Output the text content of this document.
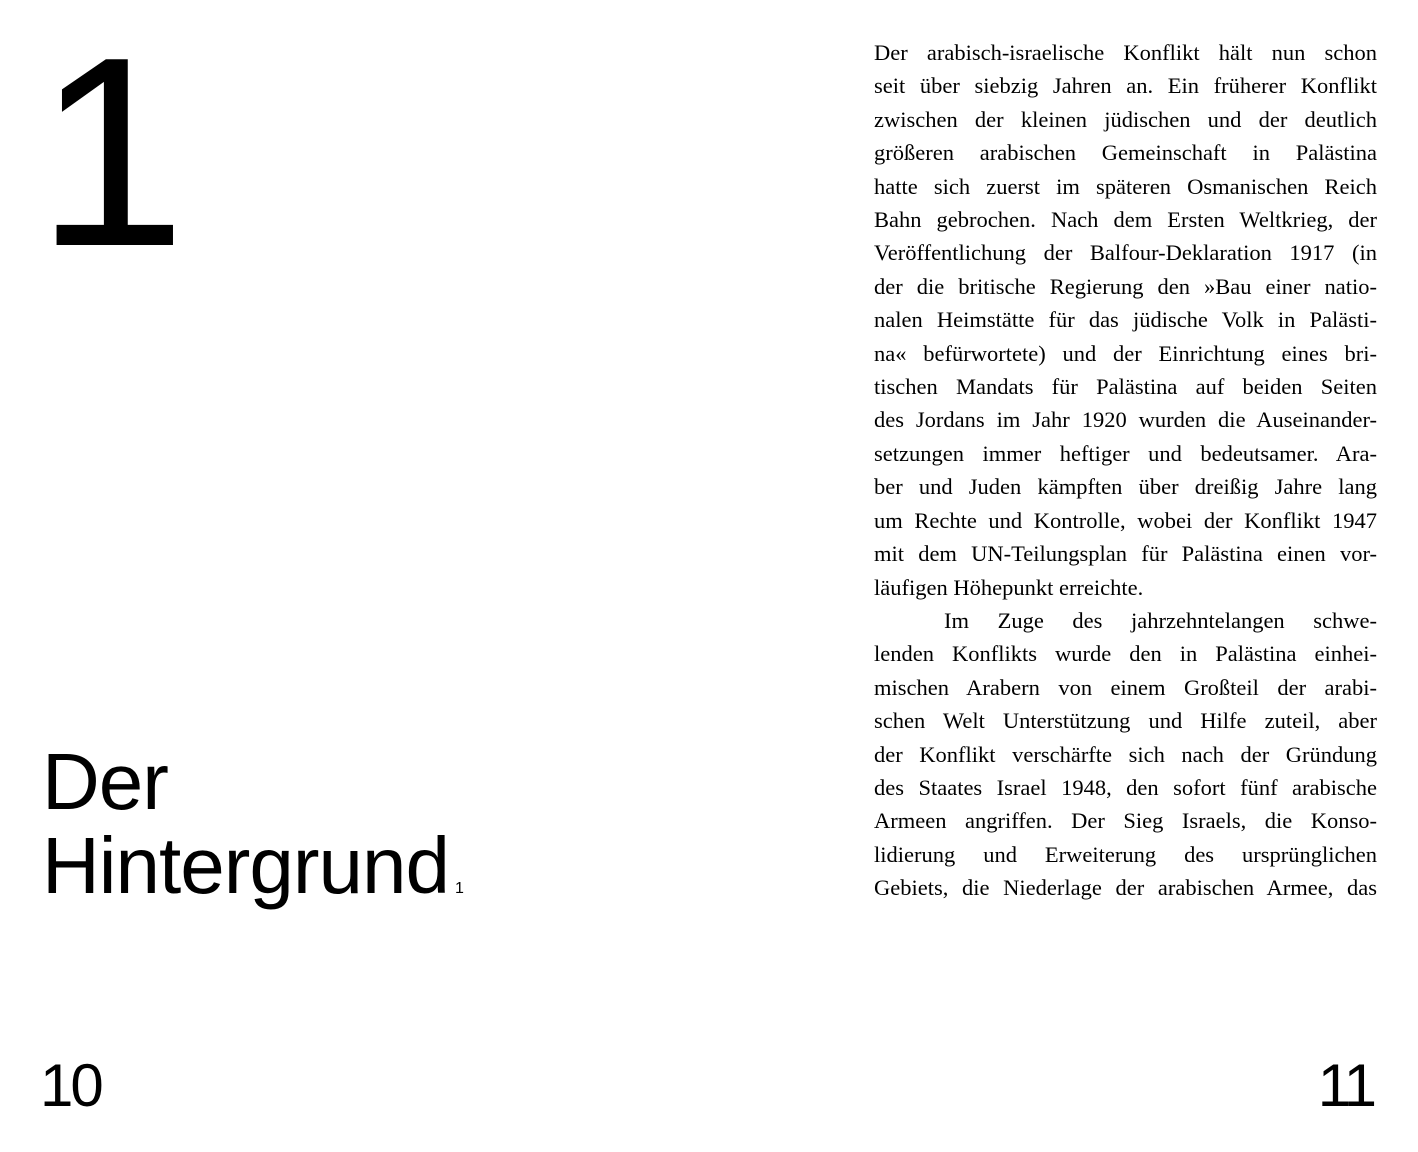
1
Der
Hintergrund 1
10
Der arabisch-israelische Konflikt hält nun schon
seit über siebzig Jahren an. Ein früherer Konflikt
zwischen der kleinen jüdischen und der deutlich
größeren arabischen Gemeinschaft in Palästina
hatte sich zuerst im späteren Osmanischen Reich
Bahn gebrochen. Nach dem Ersten Weltkrieg, der
Veröffentlichung der Balfour-Deklaration 1917 (in
der die britische Regierung den »Bau einer natio-
nalen Heimstätte für das jüdische Volk in Palästi-
na« befürwortete) und der Einrichtung eines bri-
tischen Mandats für Palästina auf beiden Seiten
des Jordans im Jahr 1920 wurden die Auseinander-
setzungen immer heftiger und bedeutsamer. Ara-
ber und Juden kämpften über dreißig Jahre lang
um Rechte und Kontrolle, wobei der Konflikt 1947
mit dem UN-Teilungsplan für Palästina einen vor-
läufigen Höhepunkt erreichte.
Im Zuge des jahrzehntelangen schwe-
lenden Konflikts wurde den in Palästina einhei-
mischen Arabern von einem Großteil der arabi-
schen Welt Unterstützung und Hilfe zuteil, aber
der Konflikt verschärfte sich nach der Gründung
des Staates Israel 1948, den sofort fünf arabische
Armeen angriffen. Der Sieg Israels, die Konso-
lidierung und Erweiterung des ursprünglichen
Gebiets, die Niederlage der arabischen Armee, das
11
